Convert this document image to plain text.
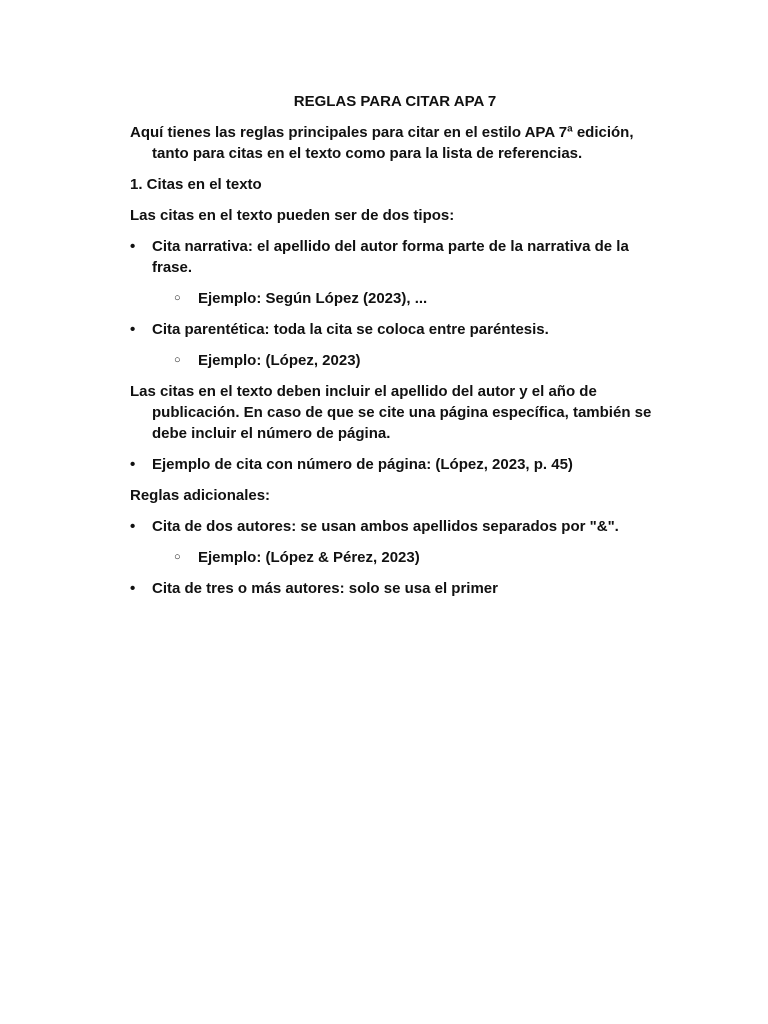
REGLAS PARA CITAR APA 7
Aquí tienes las reglas principales para citar en el estilo APA 7ª edición, tanto para citas en el texto como para la lista de referencias.
1. Citas en el texto
Las citas en el texto pueden ser de dos tipos:
• Cita narrativa: el apellido del autor forma parte de la narrativa de la frase.
○ Ejemplo: Según López (2023), ...
• Cita parentética: toda la cita se coloca entre paréntesis.
○ Ejemplo: (López, 2023)
Las citas en el texto deben incluir el apellido del autor y el año de publicación. En caso de que se cite una página específica, también se debe incluir el número de página.
• Ejemplo de cita con número de página: (López, 2023, p. 45)
Reglas adicionales:
• Cita de dos autores: se usan ambos apellidos separados por "&".
○ Ejemplo: (López & Pérez, 2023)
• Cita de tres o más autores: solo se usa el primer
